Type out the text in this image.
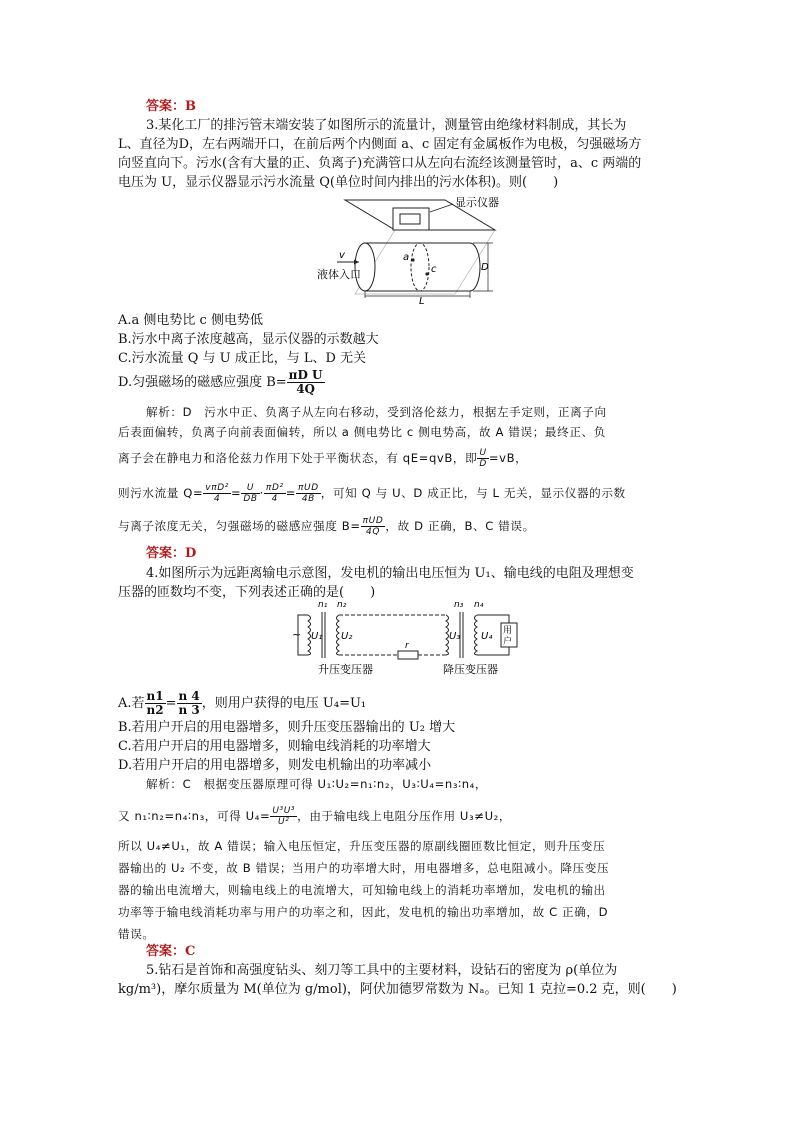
答案：B
3.某化工厂的排污管末端安装了如图所示的流量计，测量管由绝缘材料制成，其长为
L、直径为D，左右两端开口，在前后两个内侧面 a、c 固定有金属板作为电极，匀强磁场方
向竖直向下。污水(含有大量的正、负离子)充满管口从左向右流经该测量管时，a、c 两端的
电压为 U，显示仪器显示污水流量 Q(单位时间内排出的污水体积)。则(　　)
显示仪器
a
c
v
液体入口
D
L
A.a 侧电势比 c 侧电势低
B.污水中离子浓度越高，显示仪器的示数越大
C.污水流量 Q 与 U 成正比，与 L、D 无关
D.匀强磁场的磁感应强度 $B= \frac{\text{πD U}}{4Q}$
解析：D　污水中正、负离子从左向右移动，受到洛伦兹力，根据左手定则，正离子向
后表面偏转，负离子向前表面偏转，所以 a 侧电势比 c 侧电势高，故 A 错误；最终正、负
离子会在静电力和洛伦兹力作用下处于平衡状态，有 qE=qvB，即 $\frac{U}{D} =vB$，
则污水流量 $Q= \frac{\text{vπD²}}{4} = \frac{U}{DB} \cdot \frac{\text{πD²}}{4} = \frac{\text{πUD}}{4B}$ ，可知 Q 与 U、D 成正比，与 L 无关，显示仪器的示数
与离子浓度无关，匀强磁场的磁感应强度 $B= \frac{\text{πUD}}{4Q}$ ，故 D 正确，B、C 错误。
答案：D
4.如图所示为远距离输电示意图，发电机的输出电压恒为 U₁、输电线的电阻及理想变
压器的匝数均不变，下列表述正确的是(　　)
~
n₁ n₂	n₃ n₄
U₁ U₂	U₃ U₄
r
用
户
升压变压器	降压变压器
A.若 $\frac{n1}{n2} = \frac{n 4}{n 3}$ ，则用户获得的电压 U₄=U₁
B.若用户开启的用电器增多，则升压变压器输出的 U₂ 增大
C.若用户开启的用电器增多，则输电线消耗的功率增大
D.若用户开启的用电器增多，则发电机输出的功率减小
解析：C　根据变压器原理可得 U₁∶U₂=n₁∶n₂，U₃∶U₄=n₃∶n₄，
又 n₁∶n₂=n₄∶n₃，可得 $U_4= \frac{\text{U³U³}}{\text{U²}}$ ，由于输电线上电阻分压作用 U₃≠U₂，
所以 U₄≠U₁，故 A 错误；输入电压恒定，升压变压器的原副线圈匝数比恒定，则升压变压
器输出的 U₂ 不变，故 B 错误；当用户的功率增大时，用电器增多，总电阻减小。降压变压
器的输出电流增大，则输电线上的电流增大，可知输电线上的消耗功率增加，发电机的输出
功率等于输电线消耗功率与用户的功率之和，因此，发电机的输出功率增加，故 C 正确，D
错误。
答案：C
5.钻石是首饰和高强度钻头、刻刀等工具中的主要材料，设钻石的密度为 ρ(单位为
kg/m³)，摩尔质量为 M(单位为 g/mol)，阿伏加德罗常数为 Nₐ。已知 1 克拉=0.2 克，则(　　)
